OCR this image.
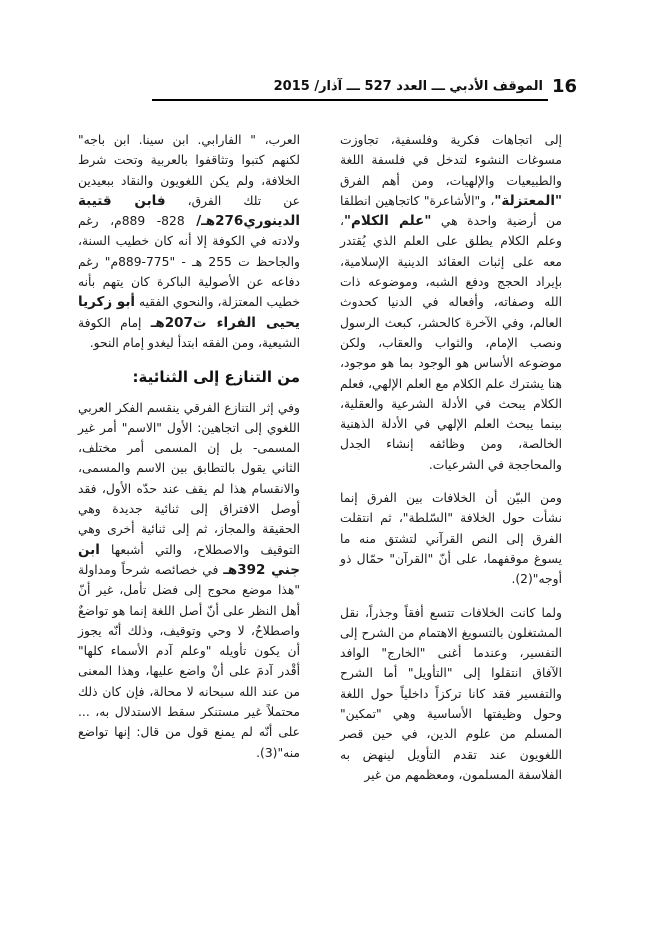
16
الموقف الأدبي ـــ العدد 527 ـــ آذار/ 2015

إلى اتجاهات فكرية وفلسفية، تجاوزت مسوغات النشوء لتدخل في فلسفة اللغة والطبيعيات والإلهيات، ومن أهم الفرق "المعتزلة"، و"الأشاعرة" كاتجاهين انطلقا من أرضية واحدة هي "علم الكلام"، وعلم الكلام يطلق على العلم الذي يُقتدر معه على إثبات العقائد الدينية الإسلامية، بإيراد الحجج ودفع الشبه، وموضوعه ذات الله وصفاته، وأفعاله في الدنيا كحدوث العالم، وفي الآخرة كالحشر، كبعث الرسول ونصب الإمام، والثواب والعقاب، ولكن موضوعه الأساس هو الوجود بما هو موجود، هنا يشترك علم الكلام مع العلم الإلهي، فعلم الكلام يبحث في الأدلة الشرعية والعقلية، بينما يبحث العلم الإلهي في الأدلة الذهنية الخالصة، ومن وظائفه إنشاء الجدل والمحاججة في الشرعيات.

ومن البيّن أن الخلافات بين الفرق إنما نشأت حول الخلافة "السّلطة"، ثم انتقلت الفرق إلى النص القرآني لتشتق منه ما يسوغ موقفهما، على أنّ "القرآن" حمّال ذو أوجه"(2).

ولما كانت الخلافات تتسع أفقاً وجذراً، نقل المشتغلون بالتسويغ الاهتمام من الشرح إلى التفسير، وعندما أغنى "الخارج" الوافد الآفاق انتقلوا إلى "التأويل" أما الشرح والتفسير فقد كانا تركزاً داخلياً حول اللغة وحول وظيفتها الأساسية وهي "تمكين" المسلم من علوم الدين، في حين قصر اللغويون عند تقدم التأويل لينهض به الفلاسفة المسلمون، ومعظمهم من غير

العرب، " الفارابي. ابن سينا. ابن باجه" لكنهم كتبوا وتثاقفوا بالعربية وتحت شرط الخلافة، ولم يكن اللغويون والنقاد ببعيدين عن تلك الفرق، فابن قتيبة الدينوري276هـ/ 828- 889م، رغم ولادته في الكوفة إلا أنه كان خطيب السنة، والجاحظ ت 255 هـ - "775-889م" رغم دفاعه عن الأصولية الباكرة كان يتهم بأنه خطيب المعتزلة، والنحوي الفقيه أبو زكريا يحيى الفراء ت207هـ إمام الكوفة الشيعية، ومن الفقه ابتدأ ليغدو إمام النحو.

من التنازع إلى الثنائية:

وفي إثر التنازع الفرقي ينقسم الفكر العربي اللغوي إلى اتجاهين: الأول "الاسم" أمر غير المسمى- بل إن المسمى أمر مختلف، الثاني يقول بالتطابق بين الاسم والمسمى، والانقسام هذا لم يقف عند حدّه الأول، فقد أوصل الافتراق إلى ثنائية جديدة وهي الحقيقة والمجاز، ثم إلى ثنائية أخرى وهي التوقيف والاصطلاح، والتي أشبعها ابن جني 392هـ في خصائصه شرحاً ومداولة "هذا موضع محوج إلى فضل تأمل، غير أنّ أهل النظر على أنّ أصل اللغة إنما هو تواضعٌ واصطلاحٌ، لا وحي وتوقيف، وذلك أنّه يجوز أن يكون تأويله "وعلم آدم الأسماء كلها" أقْدر آدمَ على أنْ واضع عليها، وهذا المعنى من عند الله سبحانه لا محالة، فإن كان ذلك محتملاً غير مستنكر سقط الاستدلال به، ... على أنّه لم يمنع قول من قال: إنها تواضع منه"(3).
